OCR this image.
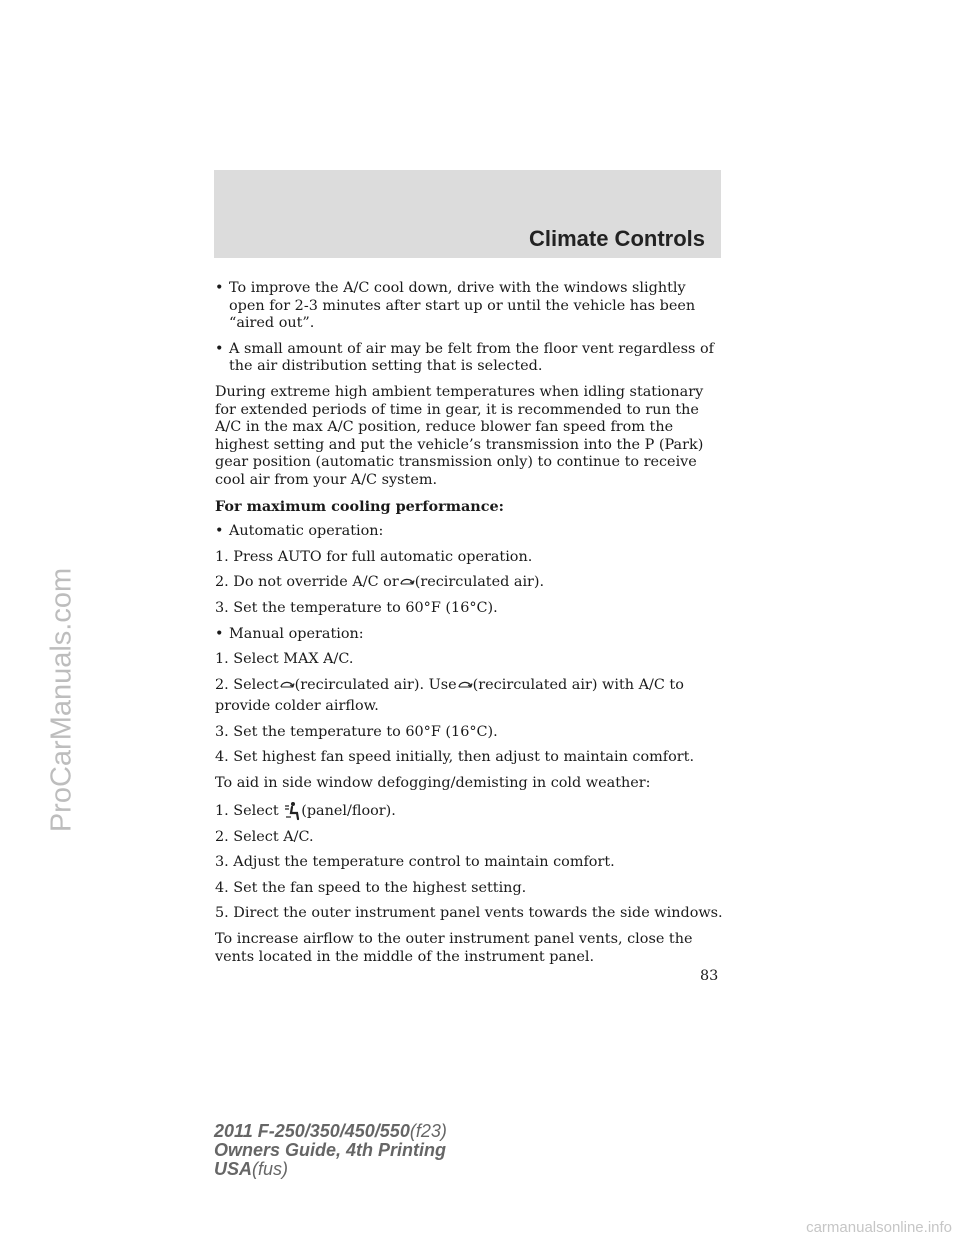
Climate Controls
• To improve the A/C cool down, drive with the windows slightly open for 2-3 minutes after start up or until the vehicle has been “aired out”.
• A small amount of air may be felt from the floor vent regardless of the air distribution setting that is selected.

During extreme high ambient temperatures when idling stationary for extended periods of time in gear, it is recommended to run the A/C in the max A/C position, reduce blower fan speed from the highest setting and put the vehicle’s transmission into the P (Park) gear position (automatic transmission only) to continue to receive cool air from your A/C system.

For maximum cooling performance:

• Automatic operation:

1. Press AUTO for full automatic operation.

2. Do not override A/C or (recirculated air).

3. Set the temperature to 60°F (16°C).

• Manual operation:

1. Select MAX A/C.

2. Select (recirculated air). Use (recirculated air) with A/C to

provide colder airflow.

3. Set the temperature to 60°F (16°C).

4. Set highest fan speed initially, then adjust to maintain comfort.

To aid in side window defogging/demisting in cold weather:

1. Select (panel/floor).

2. Select A/C.

3. Adjust the temperature control to maintain comfort.

4. Set the fan speed to the highest setting.

5. Direct the outer instrument panel vents towards the side windows.

To increase airflow to the outer instrument panel vents, close the vents located in the middle of the instrument panel.

83
2011 F-250/350/450/550(f23)
Owners Guide, 4th Printing
USA(fus)
ProCarManuals.com
carmanualsonline.info
